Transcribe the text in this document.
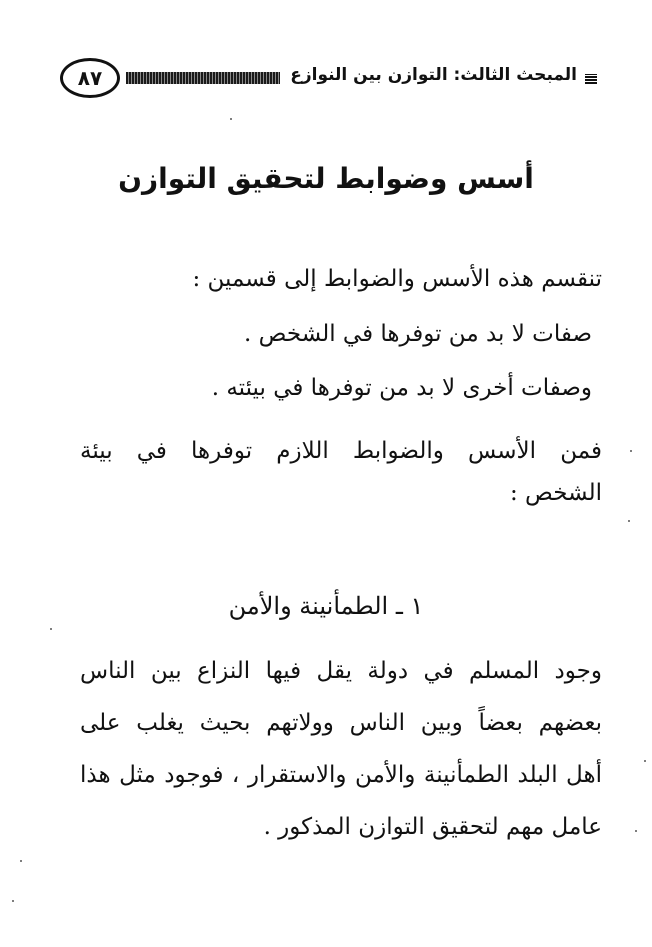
٨٧	المبحث الثالث: التوازن بين النوازع
أسس وضوابط لتحقيق التوازن
تنقسم هذه الأسس والضوابط إلى قسمين :
صفات لا بد من توفرها في الشخص .
وصفات أخرى لا بد من توفرها في بيئته .
فمن الأسس والضوابط اللازم توفرها في بيئة
الشخص :
١ ـ الطمأنينة والأمن
وجود المسلم في دولة يقل فيها النزاع بين الناس
بعضهم بعضاً وبين الناس وولاتهم بحيث يغلب على
أهل البلد الطمأنينة والأمن والاستقرار ، فوجود مثل هذا
عامل مهم لتحقيق التوازن المذكور .
